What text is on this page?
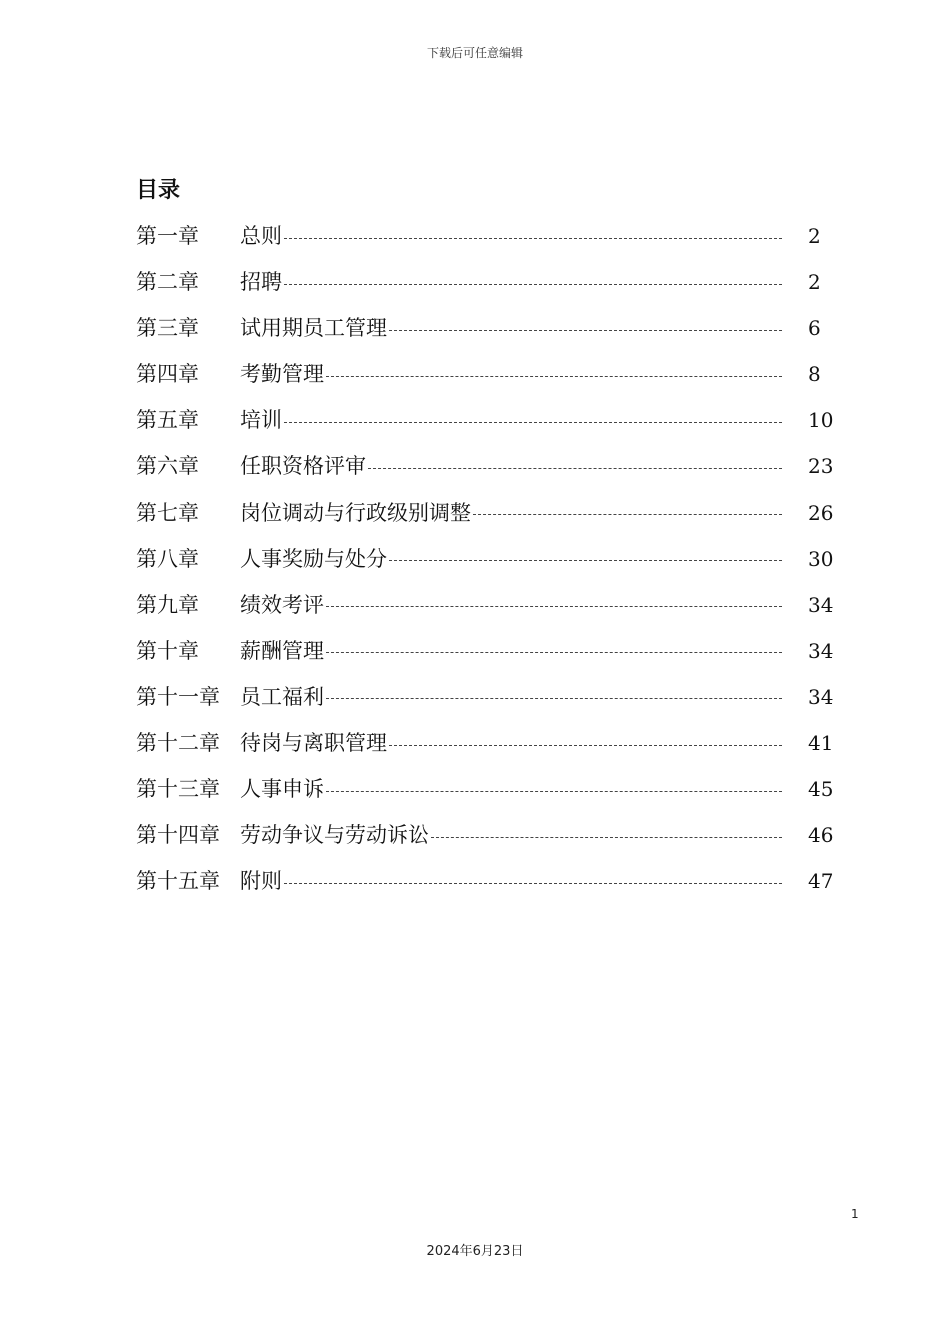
下载后可任意编辑
目录
第一章 总则	2
第二章 招聘	2
第三章 试用期员工管理	6
第四章 考勤管理	8
第五章 培训	10
第六章 任职资格评审	23
第七章 岗位调动与行政级别调整	26
第八章 人事奖励与处分	30
第九章 绩效考评	34
第十章 薪酬管理	34
第十一章 员工福利	34
第十二章 待岗与离职管理	41
第十三章 人事申诉	45
第十四章 劳动争议与劳动诉讼	46
第十五章 附则	47
1
2024年6月23日
